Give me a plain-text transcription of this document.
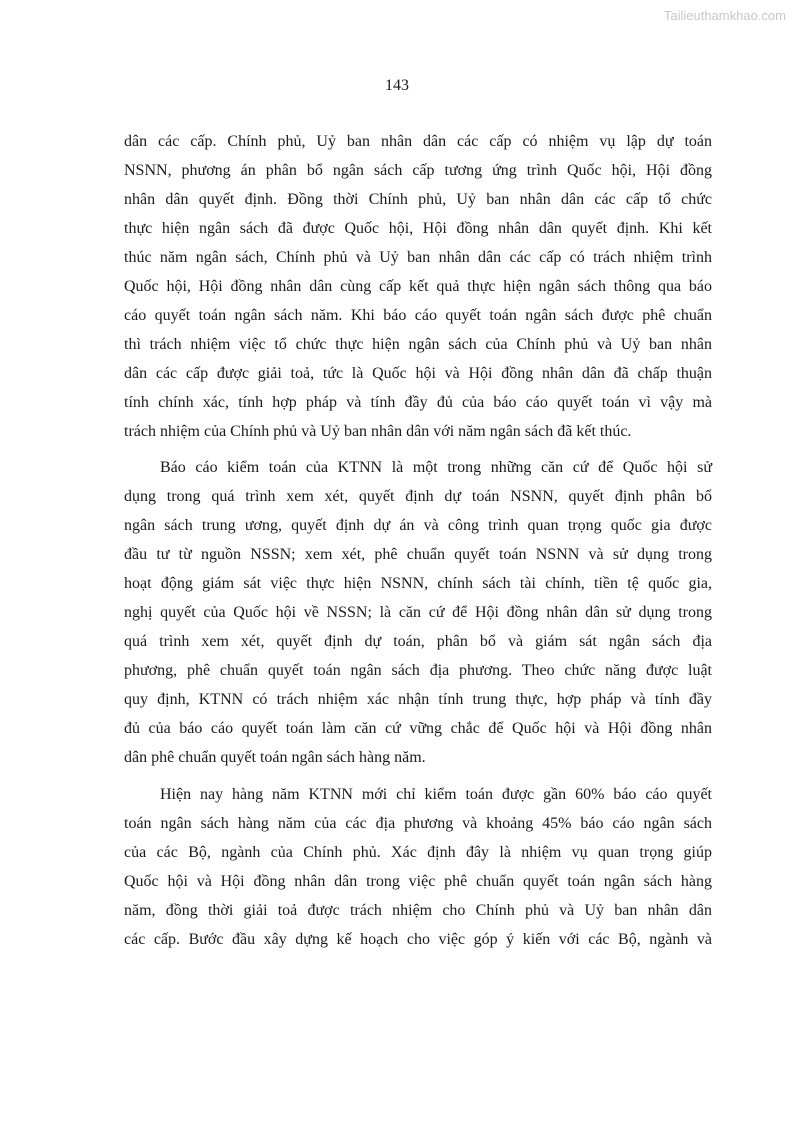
Tailieuthamkhao.com
143
dân các cấp. Chính phủ, Uỷ ban nhân dân các cấp có nhiệm vụ lập dự toán
NSNN, phương án phân bổ ngân sách cấp tương ứng trình Quốc hội, Hội đồng
nhân dân quyết định. Đồng thời Chính phủ, Uỷ ban nhân dân các cấp tổ chức
thực hiện ngân sách đã được Quốc hội, Hội đồng nhân dân quyết định. Khi kết
thúc năm ngân sách, Chính phủ và Uỷ ban nhân dân các cấp có trách nhiệm trình
Quốc hội, Hội đồng nhân dân cùng cấp kết quả thực hiện ngân sách thông qua báo
cáo quyết toán ngân sách năm. Khi báo cáo quyết toán ngân sách được phê chuẩn
thì trách nhiệm việc tổ chức thực hiện ngân sách của Chính phủ và Uỷ ban nhân
dân các cấp được giải toả, tức là Quốc hội và Hội đồng nhân dân đã chấp thuận
tính chính xác, tính hợp pháp và tính đầy đủ của báo cáo quyết toán vì vậy mà
trách nhiệm của Chính phủ và Uỷ ban nhân dân với năm ngân sách đã kết thúc.
Báo cáo kiểm toán của KTNN là một trong những căn cứ để Quốc hội sử
dụng trong quá trình xem xét, quyết định dự toán NSNN, quyết định phân bổ
ngân sách trung ương, quyết định dự án và công trình quan trọng quốc gia được
đầu tư từ nguồn NSSN; xem xét, phê chuẩn quyết toán NSNN và sử dụng trong
hoạt động giám sát việc thực hiện NSNN, chính sách tài chính, tiền tệ quốc gia,
nghị quyết của Quốc hội về NSSN; là căn cứ để Hội đồng nhân dân sử dụng trong
quá trình xem xét, quyết định dự toán, phân bổ và giám sát ngân sách địa
phương, phê chuẩn quyết toán ngân sách địa phương. Theo chức năng được luật
quy định, KTNN có trách nhiệm xác nhận tính trung thực, hợp pháp và tính đầy
đủ của báo cáo quyết toán làm căn cứ vững chắc để Quốc hội và Hội đồng nhân
dân phê chuẩn quyết toán ngân sách hàng năm.
Hiện nay hàng năm KTNN mới chỉ kiểm toán được gần 60% báo cáo quyết
toán ngân sách hàng năm của các địa phương và khoảng 45% báo cáo ngân sách
của các Bộ, ngành của Chính phủ. Xác định đây là nhiệm vụ quan trọng giúp
Quốc hội và Hội đồng nhân dân trong việc phê chuẩn quyết toán ngân sách hàng
năm, đồng thời giải toả được trách nhiệm cho Chính phủ và Uỷ ban nhân dân
các cấp. Bước đầu xây dựng kế hoạch cho việc góp ý kiến với các Bộ, ngành và
